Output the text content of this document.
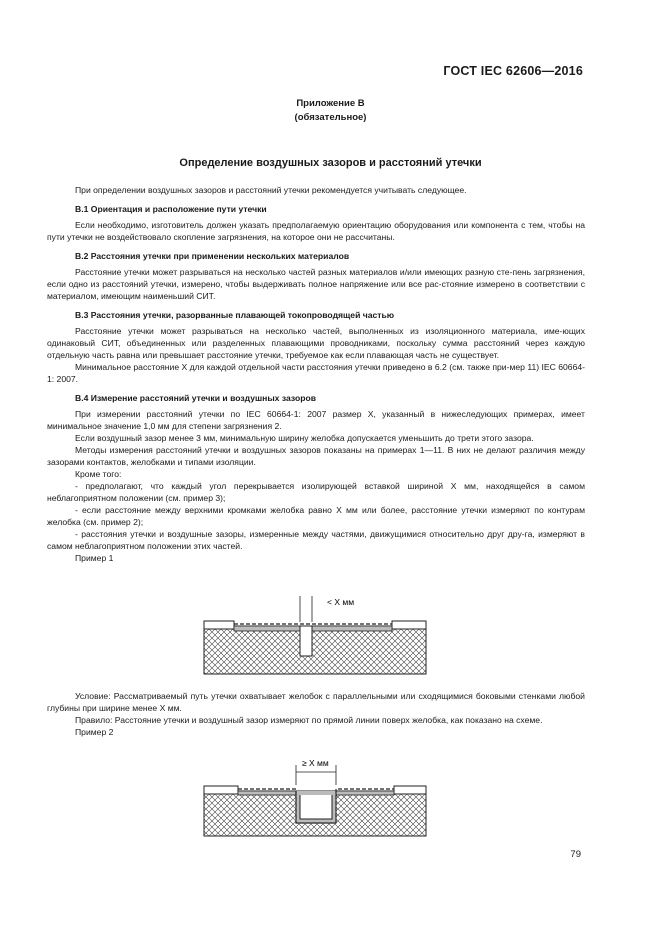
ГОСТ IEC 62606—2016
Приложение В
(обязательное)
Определение воздушных зазоров и расстояний утечки

При определении воздушных зазоров и расстояний утечки рекомендуется учитывать следующее.

В.1 Ориентация и расположение пути утечки

Если необходимо, изготовитель должен указать предполагаемую ориентацию оборудования или компонента с тем, чтобы на пути утечки не воздействовало скопление загрязнения, на которое они не рассчитаны.

В.2 Расстояния утечки при применении нескольких материалов

Расстояние утечки может разрываться на несколько частей разных материалов и/или имеющих разную сте-пень загрязнения, если одно из расстояний утечки, измерено, чтобы выдерживать полное напряжение или все рас-стояние измерено в соответствии с материалом, имеющим наименьший СИТ.

В.3 Расстояния утечки, разорванные плавающей токопроводящей частью

Расстояние утечки может разрываться на несколько частей, выполненных из изоляционного материала, име-ющих одинаковый СИТ, объединенных или разделенных плавающими проводниками, поскольку сумма расстояний через каждую отдельную часть равна или превышает расстояние утечки, требуемое как если плавающая часть не существует.

Минимальное расстояние X для каждой отдельной части расстояния утечки приведено в 6.2 (см. также при-мер 11) IEC 60664-1: 2007.

В.4 Измерение расстояний утечки и воздушных зазоров

При измерении расстояний утечки по IEC 60664-1: 2007 размер X, указанный в нижеследующих примерах, имеет минимальное значение 1,0 мм для степени загрязнения 2.

Если воздушный зазор менее 3 мм, минимальную ширину желобка допускается уменьшить до трети этого зазора.

Методы измерения расстояний утечки и воздушных зазоров показаны на примерах 1—11. В них не делают различия между зазорами контактов, желобками и типами изоляции.

Кроме того:

- предполагают, что каждый угол перекрывается изолирующей вставкой шириной X мм, находящейся в самом неблагоприятном положении (см. пример 3);

- если расстояние между верхними кромками желобка равно X мм или более, расстояние утечки измеряют по контурам желобка (см. пример 2);

- расстояния утечки и воздушные зазоры, измеренные между частями, движущимися относительно друг дру-га, измеряют в самом неблагоприятном положении этих частей.

Пример 1

< X мм

Условие: Рассматриваемый путь утечки охватывает желобок с параллельными или сходящимися боковыми стенками любой глубины при ширине менее X мм.

Правило: Расстояние утечки и воздушный зазор измеряют по прямой линии поверх желобка, как показано на схеме.

Пример 2

≥ X мм
79
